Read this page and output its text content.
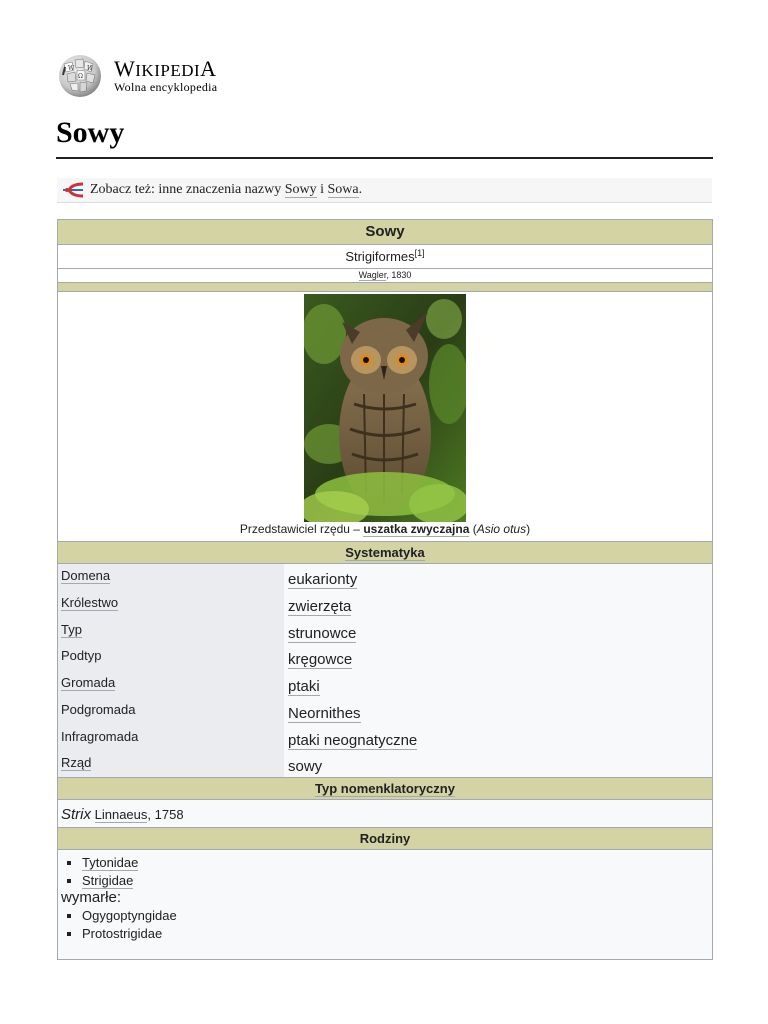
W
Ω
И WIKIPEDIA
Wolna encyklopedia
Sowy
Zobacz też: inne znaczenia nazwy Sowy i Sowa.
Sowy
Strigiformes[1]
Wagler, 1830
Przedstawiciel rzędu – uszatka zwyczajna (Asio otus)
Systematyka
Domena	eukarionty
Królestwo	zwierzęta
Typ	strunowce
Podtyp	kręgowce
Gromada	ptaki
Podgromada	Neornithes
Infragromada	ptaki neognatyczne
Rząd	sowy
Typ nomenklatoryczny
Strix Linnaeus, 1758
Rodziny
▪ Tytonidae
▪ Strigidae
wymarłe:
▪ Ogygoptyngidae
▪ Protostrigidae
